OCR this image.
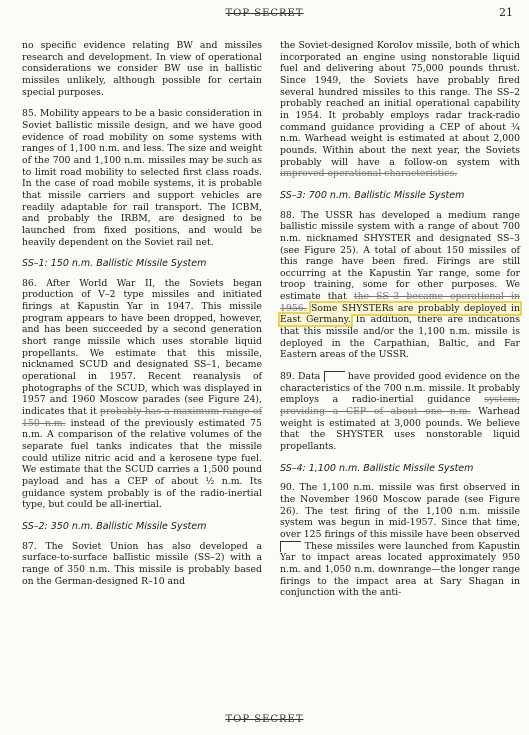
TOP SECRET	21

no specific evidence relating BW and missiles research and development. In view of operational considerations we consider BW use in ballistic missiles unlikely, although possible for certain special purposes.

85. Mobility appears to be a basic consideration in Soviet ballistic missile design, and we have good evidence of road mobility on some systems with ranges of 1,100 n.m. and less. The size and weight of the 700 and 1,100 n.m. missiles may be such as to limit road mobility to selected first class roads. In the case of road mobile systems, it is probable that missile carriers and support vehicles are readily adaptable for rail transport. The ICBM, and probably the IRBM, are designed to be launched from fixed positions, and would be heavily dependent on the Soviet rail net.

SS–1: 150 n.m. Ballistic Missile System

86. After World War II, the Soviets began production of V–2 type missiles and initiated firings at Kapustin Yar in 1947. This missile program appears to have been dropped, however, and has been succeeded by a second generation short range missile which uses storable liquid propellants. We estimate that this missile, nicknamed SCUD and designated SS–1, became operational in 1957. Recent reanalysis of photographs of the SCUD, which was displayed in 1957 and 1960 Moscow parades (see Figure 24), indicates that it probably has a maximum range of 150 n.m. instead of the previously estimated 75 n.m. A comparison of the relative volumes of the separate fuel tanks indicates that the missile could utilize nitric acid and a kerosene type fuel. We estimate that the SCUD carries a 1,500 pound payload and has a CEP of about ½ n.m. Its guidance system probably is of the radio-inertial type, but could be all-inertial.

SS–2: 350 n.m. Ballistic Missile System

87. The Soviet Union has also developed a surface-to-surface ballistic missile (SS–2) with a range of 350 n.m. This missile is probably based on the German-designed R–10 and

the Soviet-designed Korolov missile, both of which incorporated an engine using nonstorable liquid fuel and delivering about 75,000 pounds thrust. Since 1949, the Soviets have probably fired several hundred missiles to this range. The SS–2 probably reached an initial operational capability in 1954. It probably employs radar track-radio command guidance providing a CEP of about ¾ n.m. Warhead weight is estimated at about 2,000 pounds. Within about the next year, the Soviets probably will have a follow-on system with improved operational characteristics.

SS–3: 700 n.m. Ballistic Missile System

88. The USSR has developed a medium range ballistic missile system with a range of about 700 n.m. nicknamed SHYSTER and designated SS–3 (see Figure 25). A total of about 150 missiles of this range have been fired. Firings are still occurring at the Kapustin Yar range, some for troop training, some for other purposes. We estimate that the SS–3 became operational in 1956. Some SHYSTERs are probably deployed in East Germany. In addition, there are indications that this missile and/or the 1,100 n.m. missile is deployed in the Carpathian, Baltic, and Far Eastern areas of the USSR.

89. Data	have provided good evidence on the characteristics of the 700 n.m. missile. It probably employs a radio-inertial guidance system, providing a CEP of about one n.m. Warhead weight is estimated at 3,000 pounds. We believe that the SHYSTER uses nonstorable liquid propellants.

SS–4: 1,100 n.m. Ballistic Missile System

90. The 1,100 n.m. missile was first observed in the November 1960 Moscow parade (see Figure 26). The test firing of the 1,100 n.m. missile system was begun in mid-1957. Since that time, over 125 firings of this missile have been observed  These missiles were launched from Kapustin Yar to impact areas located approximately 950 n.m. and 1,050 n.m. downrange—the longer range firings to the impact area at Sary Shagan in conjunction with the anti-

TOP SECRET
